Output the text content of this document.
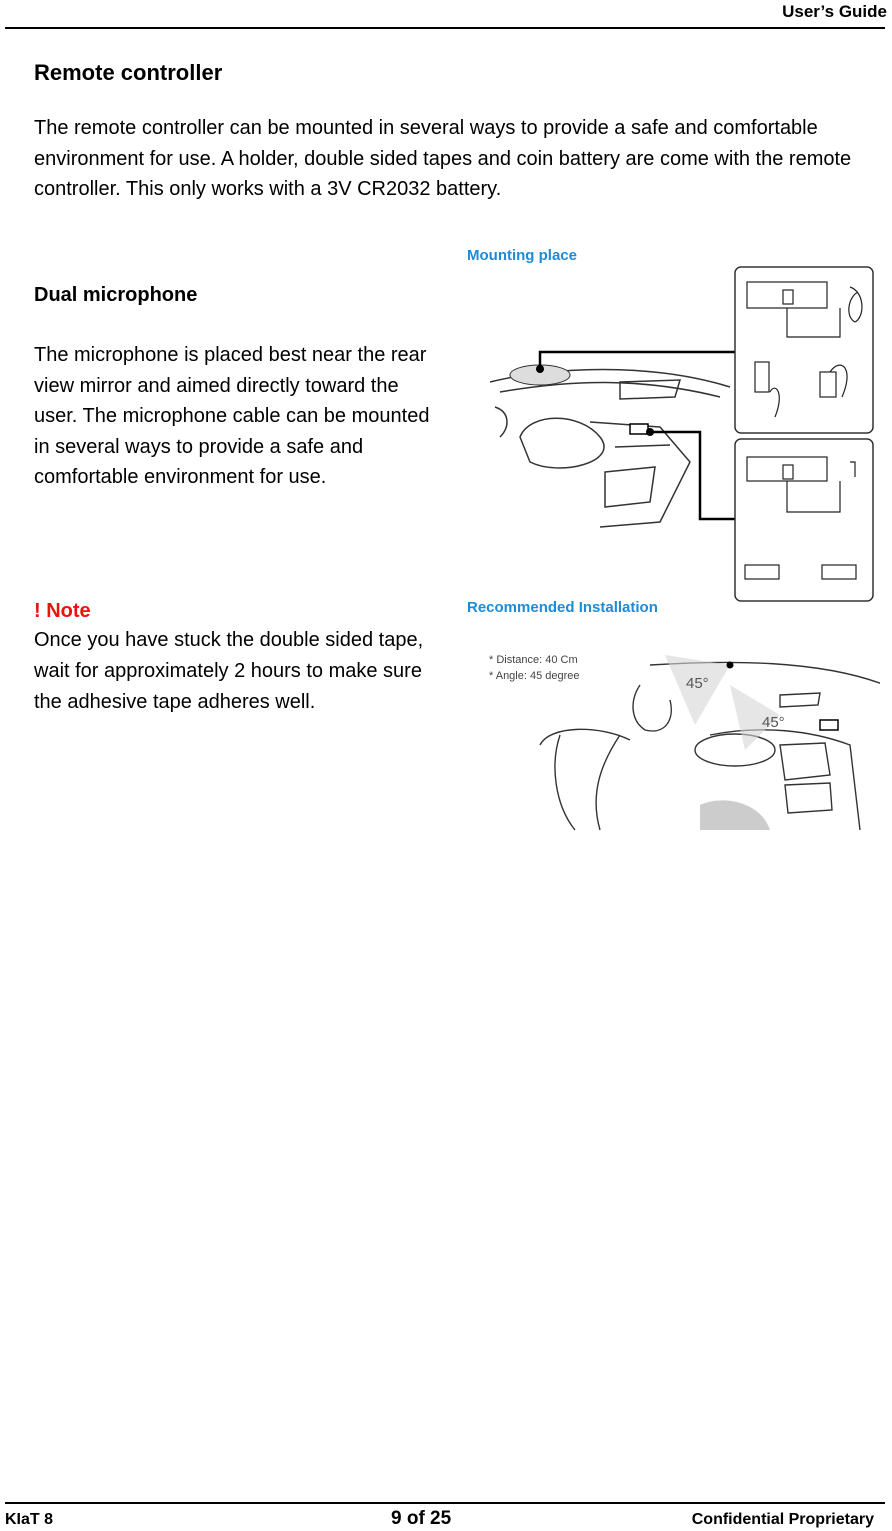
User’s Guide
Remote controller
The remote controller can be mounted in several ways to provide a safe and comfortable environment for use. A holder, double sided tapes and coin battery are come with the remote controller. This only works with a 3V CR2032 battery.
Dual microphone
The microphone is placed best near the rear view mirror and aimed directly toward the user. The microphone cable can be mounted in several ways to provide a safe and comfortable environment for use.
! Note
Once you have stuck the double sided tape, wait for approximately 2 hours to make sure the adhesive tape adheres well.
Mounting place
Recommended Installation
* Distance: 40 Cm
* Angle: 45 degree	45°
45°
KIaT 8	9 of 25	Confidential Proprietary
